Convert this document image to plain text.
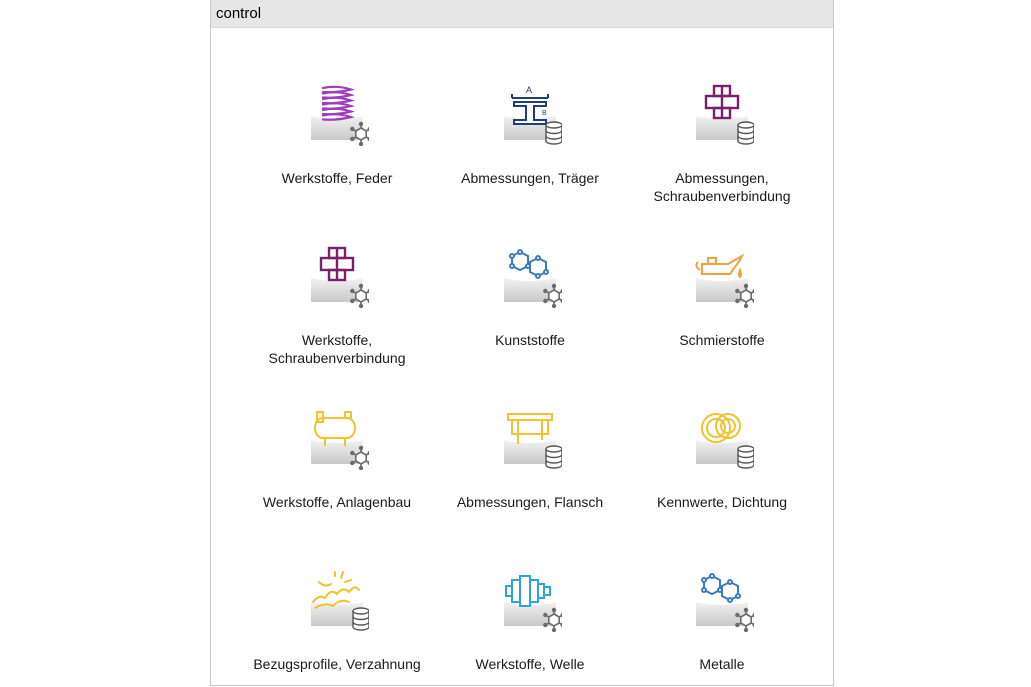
control
Werkstoffe, Feder
A
B
Abmessungen, Träger	Abmessungen,
Schraubenverbindung
Werkstoffe,
Schraubenverbindung
Kunststoffe	Schmierstoffe
Werkstoffe, Anlagenbau	Abmessungen, Flansch	Kennwerte, Dichtung
Bezugsprofile, Verzahnung	Werkstoffe, Welle	Metalle
